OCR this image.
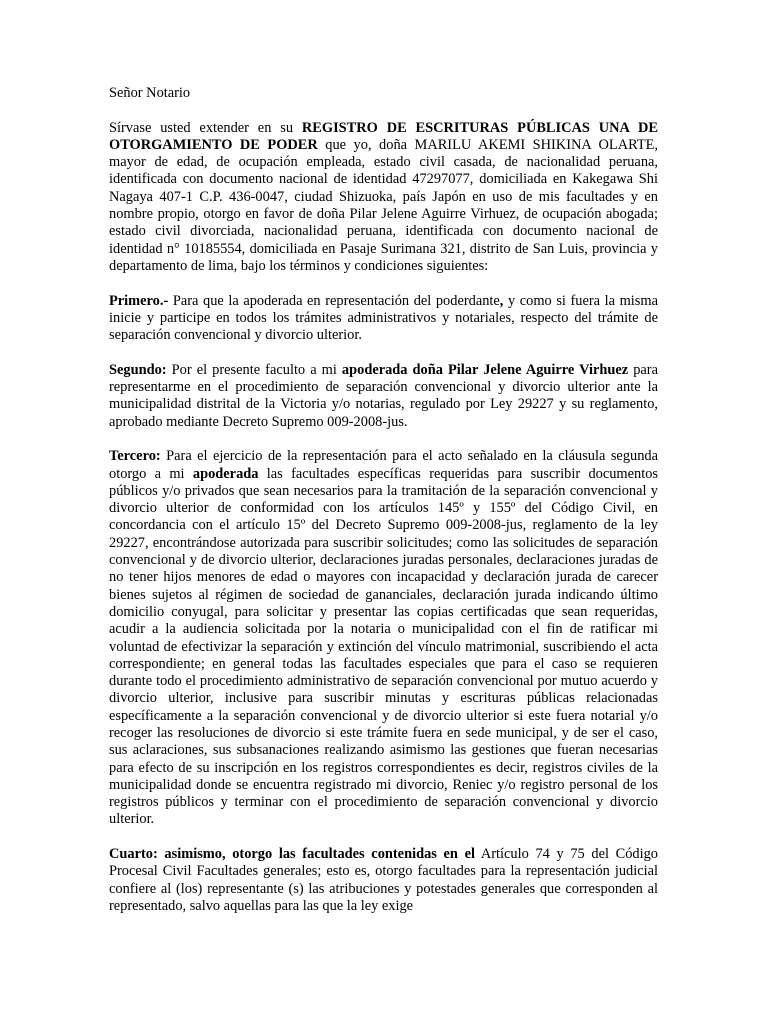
Señor Notario

Sírvase usted extender en su REGISTRO DE ESCRITURAS PÚBLICAS UNA DE OTORGAMIENTO DE PODER que yo, doña MARILU AKEMI SHIKINA OLARTE, mayor de edad, de ocupación empleada, estado civil casada, de nacionalidad peruana, identificada con documento nacional de identidad 47297077, domiciliada en Kakegawa Shi Nagaya 407-1 C.P. 436-0047, ciudad Shizuoka, país Japón en uso de mis facultades y en nombre propio, otorgo en favor de doña Pilar Jelene Aguirre Virhuez, de ocupación abogada; estado civil divorciada, nacionalidad peruana, identificada con documento nacional de identidad n° 10185554, domiciliada en Pasaje Surimana 321, distrito de San Luis, provincia y departamento de lima, bajo los términos y condiciones siguientes:

Primero.- Para que la apoderada en representación del poderdante, y como si fuera la misma inicie y participe en todos los trámites administrativos y notariales, respecto del trámite de separación convencional y divorcio ulterior.

Segundo: Por el presente faculto a mi apoderada doña Pilar Jelene Aguirre Virhuez para representarme en el procedimiento de separación convencional y divorcio ulterior ante la municipalidad distrital de la Victoria y/o notarias, regulado por Ley 29227 y su reglamento, aprobado mediante Decreto Supremo 009-2008-jus.

Tercero: Para el ejercicio de la representación para el acto señalado en la cláusula segunda otorgo a mi apoderada las facultades específicas requeridas para suscribir documentos públicos y/o privados que sean necesarios para la tramitación de la separación convencional y divorcio ulterior de conformidad con los artículos 145º y 155º del Código Civil, en concordancia con el artículo 15º del Decreto Supremo 009-2008-jus, reglamento de la ley 29227, encontrándose autorizada para suscribir solicitudes; como las solicitudes de separación convencional y de divorcio ulterior, declaraciones juradas personales, declaraciones juradas de no tener hijos menores de edad o mayores con incapacidad y declaración jurada de carecer bienes sujetos al régimen de sociedad de gananciales, declaración jurada indicando último domicilio conyugal, para solicitar y presentar las copias certificadas que sean requeridas, acudir a la audiencia solicitada por la notaria o municipalidad con el fin de ratificar mi voluntad de efectivizar la separación y extinción del vínculo matrimonial, suscribiendo el acta correspondiente; en general todas las facultades especiales que para el caso se requieren durante todo el procedimiento administrativo de separación convencional por mutuo acuerdo y divorcio ulterior, inclusive para suscribir minutas y escrituras públicas relacionadas específicamente a la separación convencional y de divorcio ulterior si este fuera notarial y/o recoger las resoluciones de divorcio si este trámite fuera en sede municipal, y de ser el caso, sus aclaraciones, sus subsanaciones realizando asimismo las gestiones que fueran necesarias para efecto de su inscripción en los registros correspondientes es decir, registros civiles de la municipalidad donde se encuentra registrado mi divorcio, Reniec y/o registro personal de los registros públicos y terminar con el procedimiento de separación convencional y divorcio ulterior.

Cuarto: asimismo, otorgo las facultades contenidas en el Artículo 74 y 75 del Código Procesal Civil Facultades generales; esto es, otorgo facultades para la representación judicial confiere al (los) representante (s) las atribuciones y potestades generales que corresponden al representado, salvo aquellas para las que la ley exige
